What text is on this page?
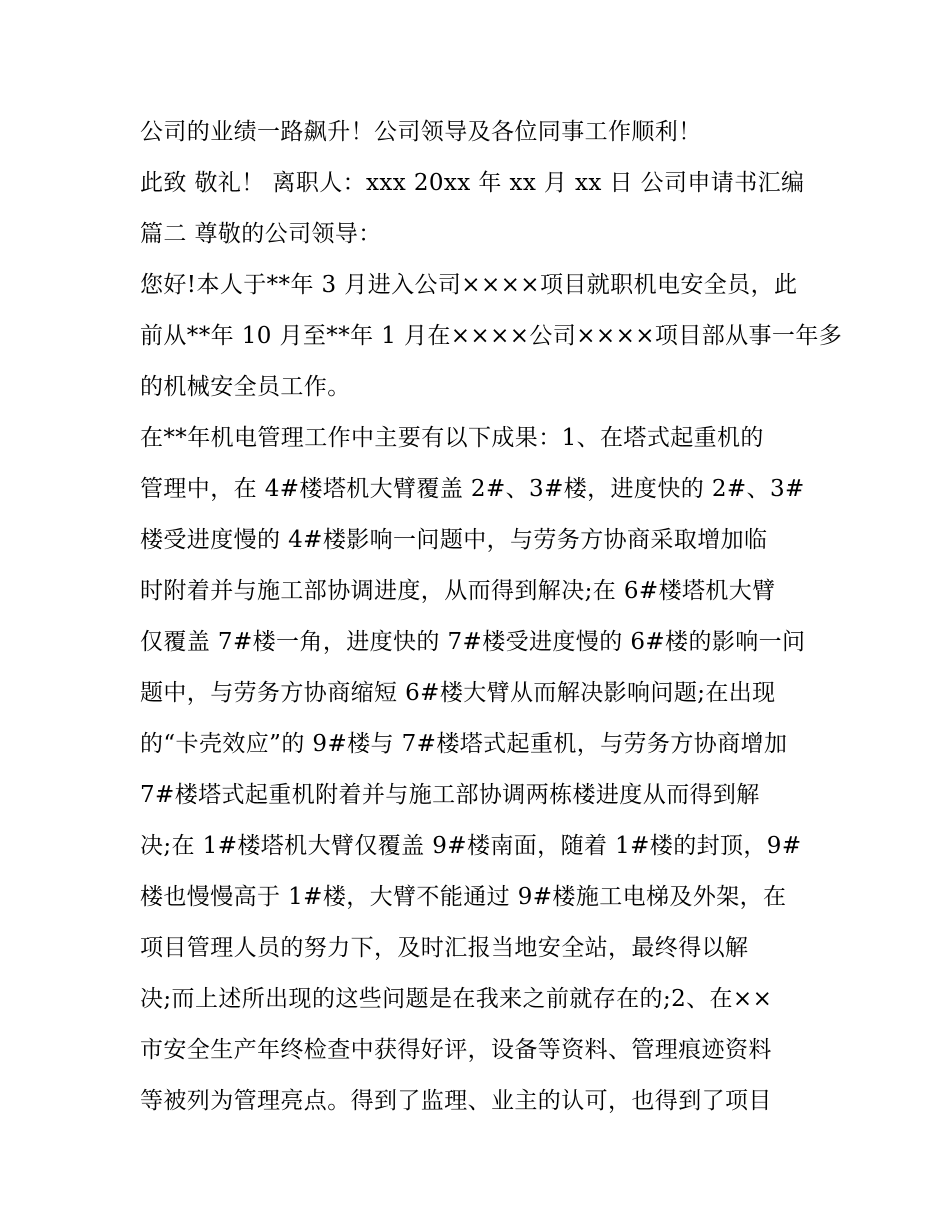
公司的业绩一路飙升！公司领导及各位同事工作顺利！
此致 敬礼！ 离职人：xxx 20xx 年 xx 月 xx 日 公司申请书汇编
篇二 尊敬的公司领导：
您好!本人于**年 3 月进入公司××××项目就职机电安全员，此
前从**年 10 月至**年 1 月在××××公司××××项目部从事一年多
的机械安全员工作。
在**年机电管理工作中主要有以下成果：1、在塔式起重机的
管理中，在 4#楼塔机大臂覆盖 2#、3#楼，进度快的 2#、3#
楼受进度慢的 4#楼影响一问题中，与劳务方协商采取增加临
时附着并与施工部协调进度，从而得到解决;在 6#楼塔机大臂
仅覆盖 7#楼一角，进度快的 7#楼受进度慢的 6#楼的影响一问
题中，与劳务方协商缩短 6#楼大臂从而解决影响问题;在出现
的“卡壳效应”的 9#楼与 7#楼塔式起重机，与劳务方协商增加
7#楼塔式起重机附着并与施工部协调两栋楼进度从而得到解
决;在 1#楼塔机大臂仅覆盖 9#楼南面，随着 1#楼的封顶，9#
楼也慢慢高于 1#楼，大臂不能通过 9#楼施工电梯及外架，在
项目管理人员的努力下，及时汇报当地安全站，最终得以解
决;而上述所出现的这些问题是在我来之前就存在的;2、在××
市安全生产年终检查中获得好评，设备等资料、管理痕迹资料
等被列为管理亮点。得到了监理、业主的认可，也得到了项目
